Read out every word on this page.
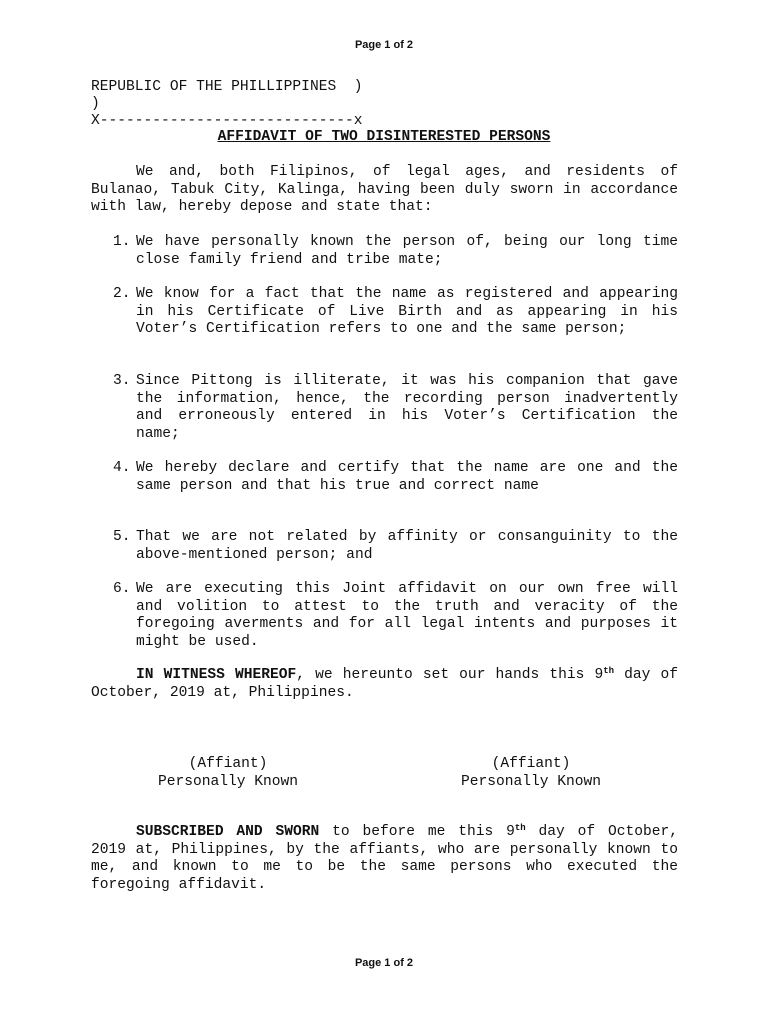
Page 1 of 2
REPUBLIC OF THE PHILLIPPINES  )
)
X-----------------------------x
AFFIDAVIT OF TWO DISINTERESTED PERSONS
We and, both Filipinos, of legal ages, and residents of Bulanao, Tabuk City, Kalinga, having been duly sworn in accordance with law, hereby depose and state that:
1. We have personally known the person of, being our long time close family friend and tribe mate;
2. We know for a fact that the name as registered and appearing in his Certificate of Live Birth and as appearing in his Voter’s Certification refers to one and the same person;
3. Since Pittong is illiterate, it was his companion that gave the information, hence, the recording person inadvertently and erroneously entered in his Voter’s Certification the name;
4. We hereby declare and certify that the name are one and the same person and that his true and correct name
5. That we are not related by affinity or consanguinity to the above-mentioned person; and
6. We are executing this Joint affidavit on our own free will and volition to attest to the truth and veracity of the foregoing averments and for all legal intents and purposes it might be used.
IN WITNESS WHEREOF, we hereunto set our hands this 9th day of October, 2019 at, Philippines.
(Affiant)
Personally Known
(Affiant)
Personally Known
SUBSCRIBED AND SWORN to before me this 9th day of October, 2019 at, Philippines, by the affiants, who are personally known to me, and known to me to be the same persons who executed the foregoing affidavit.
Page 1 of 2
